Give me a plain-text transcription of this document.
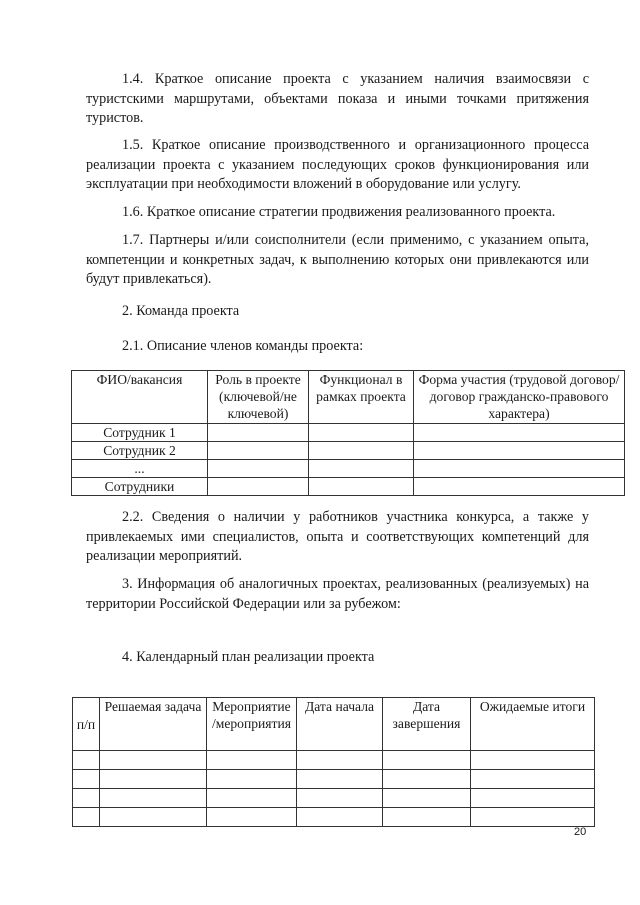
1.4. Краткое описание проекта с указанием наличия взаимосвязи с туристскими маршрутами, объектами показа и иными точками притяжения туристов.

1.5. Краткое описание производственного и организационного процесса реализации проекта с указанием последующих сроков функционирования или эксплуатации при необходимости вложений в оборудование или услугу.

1.6. Краткое описание стратегии продвижения реализованного проекта.

1.7. Партнеры и/или соисполнители (если применимо, с указанием опыта, компетенции и конкретных задач, к выполнению которых они привлекаются или будут привлекаться).

2. Команда проекта

2.1. Описание членов команды проекта:

ФИО/вакансия	Роль в проекте (ключевой/не ключевой)	Функционал в рамках проекта	Форма участия (трудовой договор/договор гражданско-правового характера)
Сотрудник 1			
Сотрудник 2			
...			
Сотрудники			

2.2. Сведения о наличии у работников участника конкурса, а также у привлекаемых ими специалистов, опыта и соответствующих компетенций для реализации мероприятий.

3. Информация об аналогичных проектах, реализованных (реализуемых) на территории Российской Федерации или за рубежом:

4. Календарный план реализации проекта

п/п	Решаемая задача	Мероприятие /мероприятия	Дата начала	Дата завершения	Ожидаемые итоги

20
